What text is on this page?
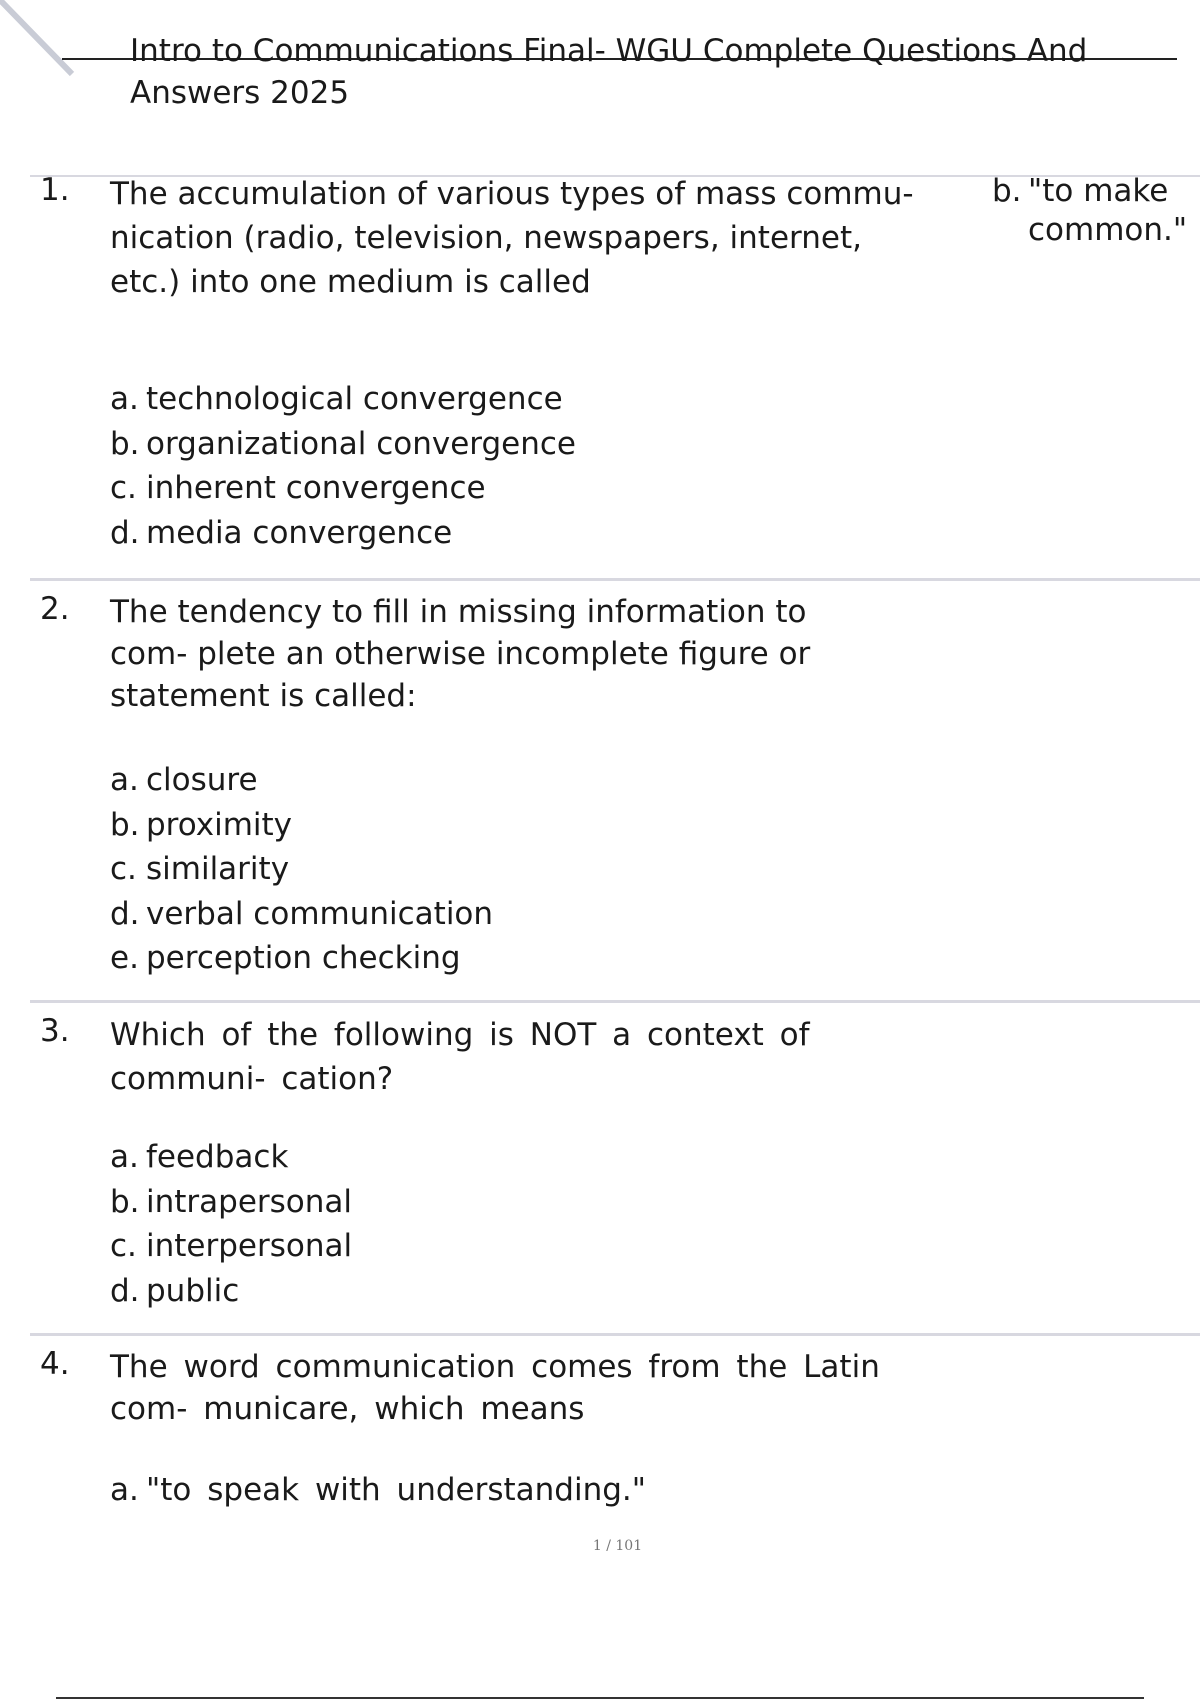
Intro to Communications Final- WGU Complete Questions And Answers 2025
1. The accumulation of various types of mass commu- nication (radio, television, newspapers, internet, etc.) into one medium is called
a. technological convergence
b. organizational convergence
c. inherent convergence
d. media convergence
b. "to make common."
2. The tendency to fill in missing information to com- plete an otherwise incomplete figure or statement is called:
a. closure
b. proximity
c. similarity
d. verbal communication
e. perception checking
3. Which of the following is NOT a context of communi- cation?
a. feedback
b. intrapersonal
c. interpersonal
d. public
4. The word communication comes from the Latin com- municare, which means
a. "to speak with understanding."
1 / 101
